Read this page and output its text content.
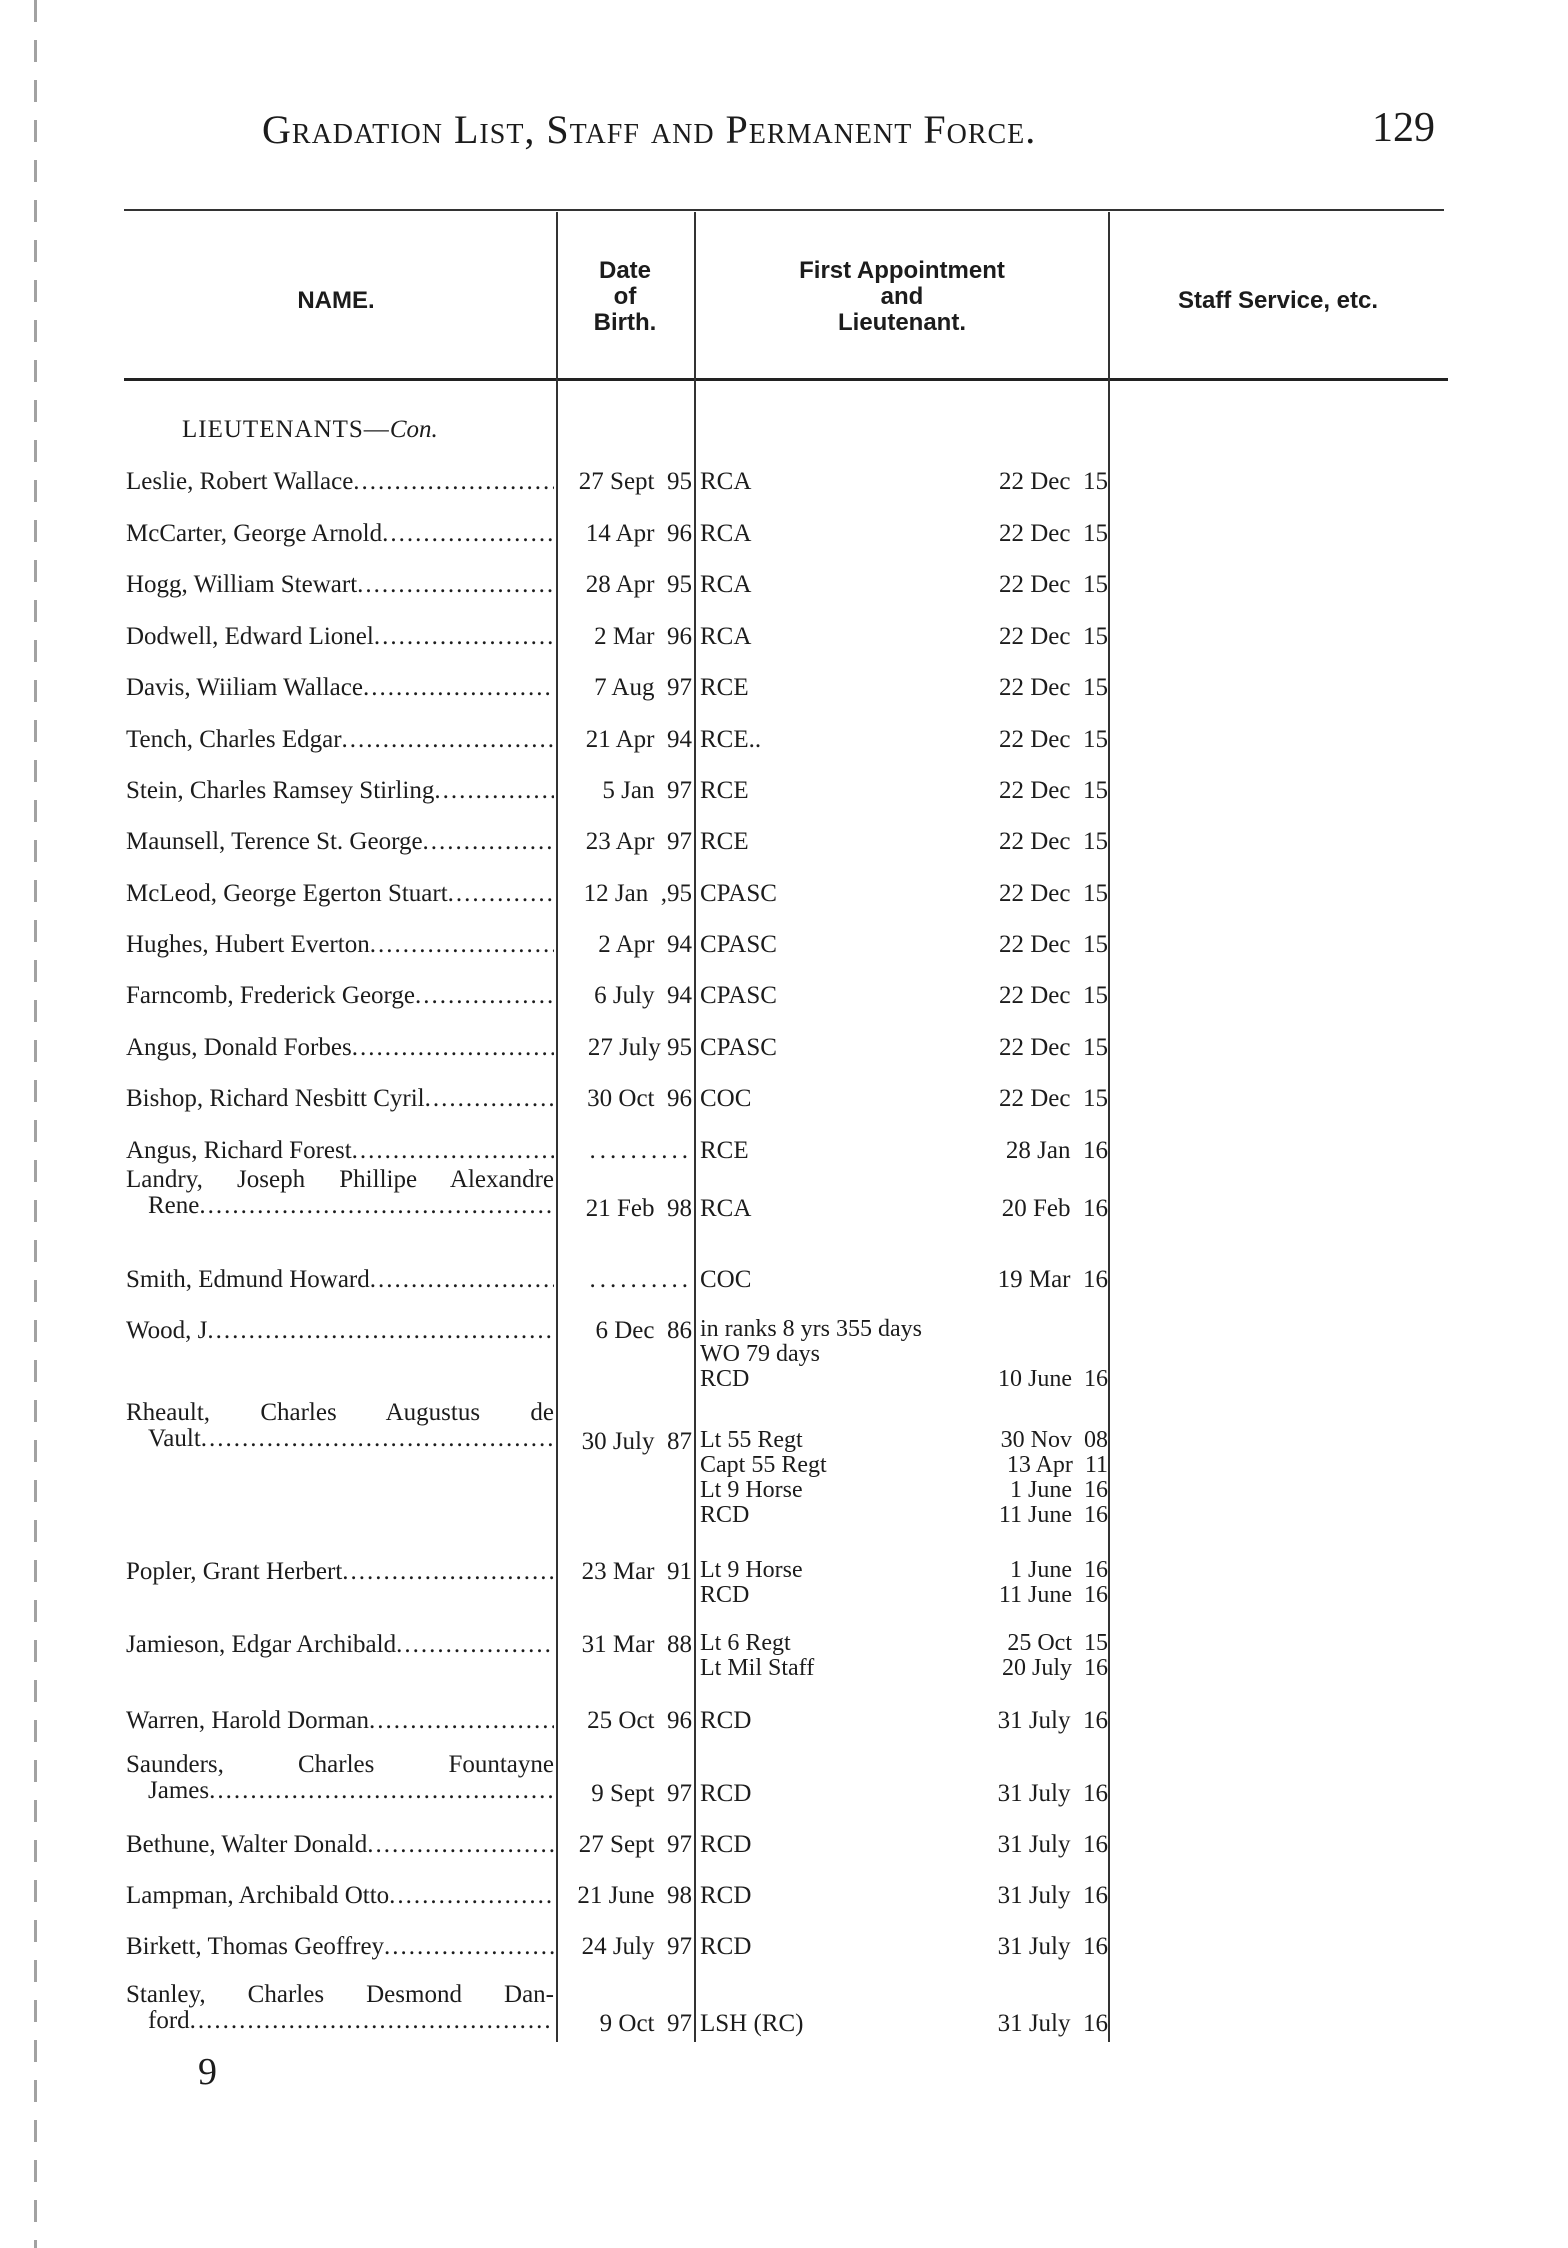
Gradation List, Staff and Permanent Force.	129
NAME.
Date
of
Birth.
First Appointment
and
Lieutenant.
Staff Service, etc.
LIEUTENANTS—Con.
Leslie, Robert Wallace .....	27 Sept  95 RCA	22 Dec  15
McCarter, George Arnold .....	14 Apr  96 RCA	22 Dec  15
Hogg, William Stewart .....	28 Apr  95 RCA	22 Dec  15
Dodwell, Edward Lionel .....	2 Mar  96 RCA	22 Dec  15
Davis, Wiiliam Wallace .....	7 Aug  97 RCE	22 Dec  15
Tench, Charles Edgar .....	21 Apr  94 RCE..	22 Dec  15
Stein, Charles Ramsey Stirling .....	5 Jan  97 RCE	22 Dec  15
Maunsell, Terence St. George .....	23 Apr  97 RCE	22 Dec  15
McLeod, George Egerton Stuart .....	12 Jan  ,95 CPASC	22 Dec  15
Hughes, Hubert Everton .....	2 Apr  94 CPASC	22 Dec  15
Farncomb, Frederick George .....	6 July  94 CPASC	22 Dec  15
Angus, Donald Forbes .....	27 July 95 CPASC	22 Dec  15
Bishop, Richard Nesbitt Cyril .....	30 Oct  96 COC	22 Dec  15
Angus, Richard Forest .....	.......... RCE	28 Jan  16
Landry, Joseph Phillipe Alexandre
Rene .....	21 Feb  98 RCA	20 Feb  16
Smith, Edmund Howard .....	.......... COC	19 Mar  16
Wood, J .....	6 Dec  86 in ranks 8 yrs 355 days
WO 79 days
RCD	10 June  16
Rheault, Charles Augustus de
Vault .....	30 July  87 Lt 55 Regt	30 Nov  08
Capt 55 Regt	13 Apr  11
Lt 9 Horse	1 June  16
RCD	11 June  16
Popler, Grant Herbert .....	23 Mar  91 Lt 9 Horse	1 June  16
RCD	11 June  16
Jamieson, Edgar Archibald .....	31 Mar  88 Lt 6 Regt	25 Oct  15
Lt Mil Staff	20 July  16
Warren, Harold Dorman .....	25 Oct  96 RCD	31 July  16
Saunders, Charles Fountayne
James .....	9 Sept  97 RCD	31 July  16
Bethune, Walter Donald .....	27 Sept  97 RCD	31 July  16
Lampman, Archibald Otto .....	21 June  98 RCD	31 July  16
Birkett, Thomas Geoffrey .....	24 July  97 RCD	31 July  16
Stanley, Charles Desmond Dan-
ford .....	9 Oct  97 LSH (RC)	31 July  16
9
